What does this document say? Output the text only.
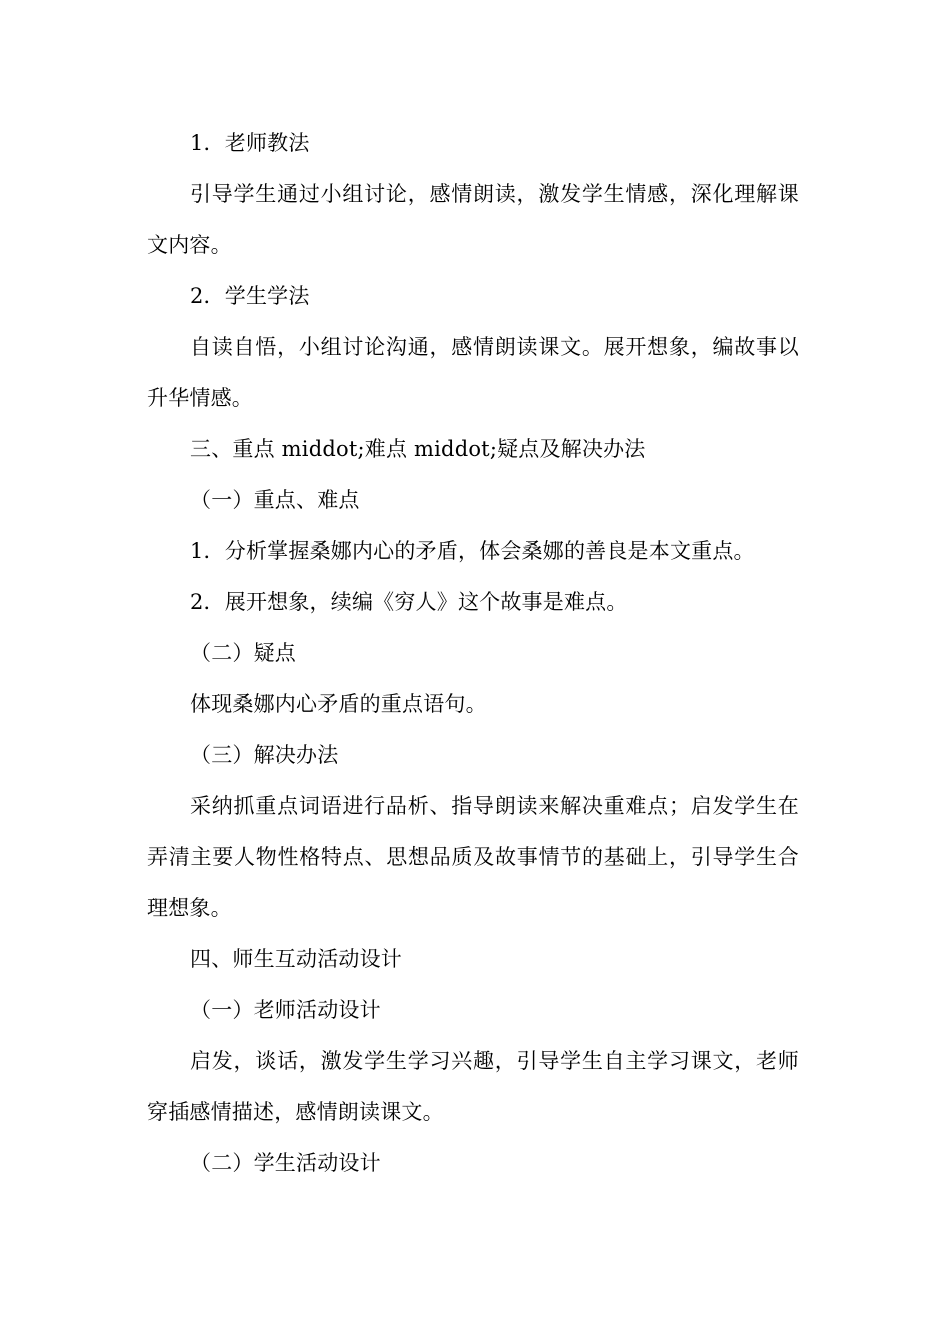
1．老师教法

引导学生通过小组讨论，感情朗读，激发学生情感，深化理解课文内容。

2．学生学法

自读自悟，小组讨论沟通，感情朗读课文。展开想象，编故事以升华情感。

三、重点 middot;难点 middot;疑点及解决办法

（一）重点、难点

1．分析掌握桑娜内心的矛盾，体会桑娜的善良是本文重点。

2．展开想象，续编《穷人》这个故事是难点。

（二）疑点

体现桑娜内心矛盾的重点语句。

（三）解决办法

采纳抓重点词语进行品析、指导朗读来解决重难点；启发学生在弄清主要人物性格特点、思想品质及故事情节的基础上，引导学生合理想象。

四、师生互动活动设计

（一）老师活动设计

启发，谈话，激发学生学习兴趣，引导学生自主学习课文，老师穿插感情描述，感情朗读课文。

（二）学生活动设计
